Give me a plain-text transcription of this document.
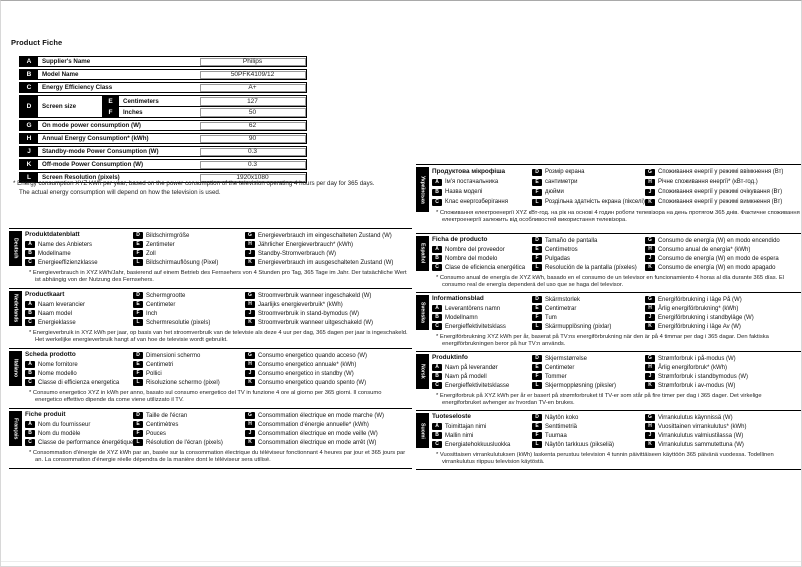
Product Fiche
A	Supplier's Name	Philips
B	Model Name	50PFK4109/12
C	Energy Efficiency Class	A+
D	Screen size
E	Centimeters	127
F	Inches	50
G	On mode power consumption (W)	62
H	Annual Energy Consumption* (kWh)	90
J	Standby-mode Power Consumption (W)	0.3
K	Off-mode Power Consumption (W)	0.3
L	Screen Resolution (pixels)	1920x1080
* Energy consumption XYZ kWh per year, based on the power consumption of the television operating 4 hours per day for 365 days.
The actual energy consumption will depend on how the television is used.
Deutsch
Produktdatenblatt
A	Name des Anbieters
B	Modellname
C	Energieeffizienzklasse
D	Bildschirmgröße
E	Zentimeter
F	Zoll
L	Bildschirmauflösung (Pixel)
G	Energieverbrauch im eingeschalteten Zustand (W)
H	Jährlicher Energieverbrauch* (kWh)
J	Standby-Stromverbrauch (W)
K	Energieverbrauch im ausgeschalteten Zustand (W)
* Energieverbrauch in XYZ kWh/Jahr, basierend auf einem Betrieb des Fernsehers von 4 Stunden pro Tag, 365 Tage im Jahr. Der tatsächliche Wert ist abhängig von der Nutzung des Fernsehers.
Nederlands	Productkaart
A	Naam leverancier
B	Naam model
C	Energieklasse
D	Schermgrootte
E	Centimeter
F	Inch
L	Schermresolutie (pixels)
G	Stroomverbruik wanneer ingeschakeld (W)
H	Jaarlijks energieverbruik* (kWh)
J	Stroomverbruik in stand-bymodus (W)
K	Stroomverbruik wanneer uitgeschakeld (W)
* Energieverbruik in XYZ kWh per jaar, op basis van het stroomverbruik van de televisie als deze 4 uur per dag, 365 dagen per jaar is ingeschakeld. Het werkelijke energieverbruik hangt af van hoe de televisie wordt gebruikt.
Italiano
Scheda prodotto
A	Nome fornitore
B	Nome modello
C	Classe di efficienza energetica
D	Dimensioni schermo
E	Centimetri
F	Pollici
L	Risoluzione schermo (pixel)
G	Consumo energetico quando acceso (W)
H	Consumo energetico annuale* (kWh)
J	Consumo energetico in standby (W)
K	Consumo energetico quando spento (W)
* Consumo energetico XYZ in kWh per anno, basato sul consumo energetico del TV in funzione 4 ore al giorno per 365 giorni. Il consumo energetico effettivo dipende da come viene utilizzato il TV.
Français
Fiche produit
A	Nom du fournisseur
B	Nom du modèle
C	Classe de performance énergétique
D	Taille de l'écran
E	Centimètres
F	Pouces
L	Résolution de l'écran (pixels)
G	Consommation électrique en mode marche (W)
H	Consommation d'énergie annuelle* (kWh)
J	Consommation électrique en mode veille (W)
K	Consommation électrique en mode arrêt (W)
* Consommation d'énergie de XYZ kWh par an, basée sur la consommation électrique du téléviseur fonctionnant 4 heures par jour et 365 jours par an. La consommation d'énergie réelle dépendra de la manière dont le téléviseur sera utilisé.
Українська
Продуктова мікрофіша
A	Ім'я постачальника
B	Назва моделі
C	Клас енергозберігання
D	Розмір екрана
E	сантиметри
F	дюйми
L	Роздільна здатність екрана (пікселі)
G	Споживання енергії у режимі ввімкнення (Вт)
H	Річне споживання енергії* (кВт-год.)
J	Споживання енергії у режимі очікування (Вт)
K	Споживання енергії у режимі вимкнення (Вт)
* Споживання електроенергії XYZ кВт-год. на рік на основі 4 годин роботи телевізора на день протягом 365 днів. Фактичне споживання електроенергії залежить від особливостей використання телевізора.
Español
Ficha de producto
A	Nombre del proveedor
B	Nombre del modelo
C	Clase de eficiencia energética
D	Tamaño de pantalla
E	Centímetros
F	Pulgadas
L	Resolución de la pantalla (píxeles)
G	Consumo de energía (W) en modo encendido
H	Consumo anual de energía* (kWh)
J	Consumo de energía (W) en modo de espera
K	Consumo de energía (W) en modo apagado
* Consumo anual de energía de XYZ kWh, basado en el consumo de un televisor en funcionamiento 4 horas al día durante 365 días. El consumo real de energía dependerá del uso que se haga del televisor.
Svenska
Informationsblad
A	Leverantörens namn
B	Modellnamn
C	Energieffektivitetsklass
D	Skärmstorlek
E	Centimetrar
F	Tum
L	Skärmupplösning (pixlar)
G	Energiförbrukning i läge På (W)
H	Årlig energiförbrukning* (kWh)
J	Energiförbrukning i standbyläge (W)
K	Energiförbrukning i läge Av (W)
* Energiförbrukning XYZ kWh per år, baserat på TV:ns energiförbrukning när den är på 4 timmar per dag i 365 dagar. Den faktiska energiförbrukningen beror på hur TV:n används.
Norsk
Produktinfo
A	Navn på leverandør
B	Navn på modell
C	Energieffektivitetsklasse
D	Skjermstørrelse
E	Centimeter
F	Tommer
L	Skjermoppløsning (piksler)
G	Strømforbruk i på-modus (W)
H	Årlig energiforbruk* (kWh)
J	Strømforbruk i standbymodus (W)
K	Strømforbruk i av-modus (W)
* Energiforbruk på XYZ kWh per år er basert på strømforbruket til TV-er som står på fire timer per dag i 365 dager. Det virkelige energiforbruket avhenger av hvordan TV-en brukes.
Suomi
Tuoteseloste
A	Toimittajan nimi
B	Mallin nimi
C	Energiatehokkuusluokka
D	Näytön koko
E	Senttimetriä
F	Tuumaa
L	Näytön tarkkuus (pikseliä)
G	Virrankulutus käynnissä (W)
H	Vuosittainen virrankulutus* (kWh)
J	Virrankulutus valmiustilassa (W)
K	Virrankulutus sammutettuna (W)
* Vuosittaisen virrankulutuksen (kWh) laskenta perustuu television 4 tunnin päivittäiseen käyttöön 365 päivänä vuodessa. Todellinen virrankulutus riippuu television käytöstä.
